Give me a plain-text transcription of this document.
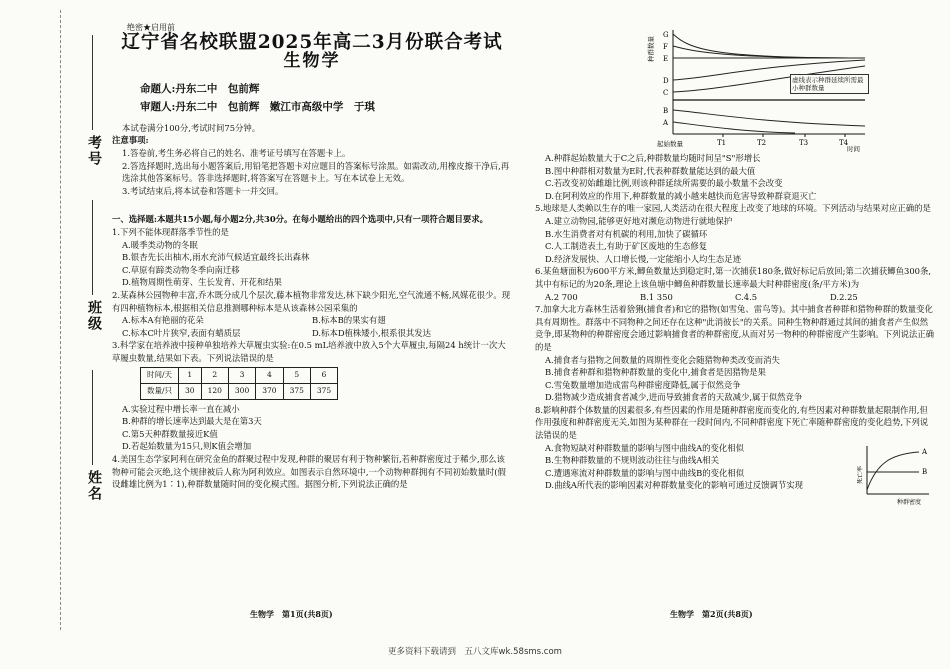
考号
班级
姓名
绝密★启用前
辽宁省名校联盟2025年高二3月份联合考试
生物学
命题人:丹东二中　包前辉
审题人:丹东二中　包前辉　嫩江市高级中学　于琪
本试卷满分100分,考试时间75分钟。
注意事项:
1.答卷前,考生务必将自己的姓名、准考证号填写在答题卡上。
2.答选择题时,选出每小题答案后,用铅笔把答题卡对应题目的答案标号涂黑。如需改动,用橡皮擦干净后,再选涂其他答案标号。答非选择题时,将答案写在答题卡上。写在本试卷上无效。
3.考试结束后,将本试卷和答题卡一并交回。
一、选择题:本题共15小题,每小题2分,共30分。在每小题给出的四个选项中,只有一项符合题目要求。
1.下列不能体现群落季节性的是
A.暖季类动物的冬眠
B.银杏先长出柚木,雨水充沛气候适宜最终长出森林
C.草原有蹄类动物冬季向南迁移
D.植物周期性萌芽、生长发育、开花和结果
2.某森林公园物种丰富,乔木既分成几个层次,藤本植物非常发达,林下缺少阳光,空气流通不畅,风媒花很少。现有四种植物标本,根据相关信息推测哪种标本是从该森林公园采集的
A.标本A有艳丽的花朵	B.标本B的果实有翅
C.标本C叶片狭窄,表面有蜡质层	D.标本D植株矮小,根系很其发达
3.科学家在培养液中接种单独培养大草履虫实验:在0.5 mL培养液中放入5个大草履虫,每隔24 h统计一次大草履虫数量,结果如下表。下列说法错误的是
时间/天	1	2	3	4	5	6
数量/只	30	120	300	370	375	375
A.实验过程中增长率一直在减小
B.种群的增长速率达到最大是在第3天
C.第5天种群数量接近K值
D.若起始数量为15只,则K值会增加
4.美国生态学家阿利在研究金鱼的群聚过程中发现,种群的聚居有利于物种繁衍,若种群密度过于稀少,那么该物种可能会灭绝,这个规律被后人称为阿利效应。如图表示自然环境中,一个动物种群拥有不同初始数量时(假设雌雄比例为1∶1),种群数量随时间的变化模式图。据图分析,下列说法正确的是
生物学　第1页(共8页)
G
F
E
D
C
B
A
T1	T2	T3	T4
起始数量
时间
种群数量
虚线表示种群延续所需最小种群数量
A.种群起始数量大于C之后,种群数量均随时间呈"S"形增长
B.图中种群相对数量为E时,代表种群数量能达到的最大值
C.若改变初始雌雄比例,则该种群延续所需要的最小数量不会改变
D.在阿利效应的作用下,种群数量的减小越来越快而危害导致种群衰退灭亡
5.地球是人类赖以生存的唯一家园,人类活动在很大程度上改变了地球的环境。下列活动与结果对应正确的是
A.建立动物园,能够更好地对濒危动物进行就地保护
B.水生消费者对有机碳的利用,加快了碳循环
C.人工制造表土,有助于矿区废地的生态修复
D.经济发展快、人口增长慢,一定能缩小人均生态足迹
6.某鱼塘面积为600平方米,鲫鱼数量达到稳定时,第一次捕获180条,做好标记后放回;第二次捕获鲫鱼300条,其中有标记的为20条,理论上该鱼塘中鲫鱼种群数量长速率最大时种群密度(条/平方米)为
A.2 700	B.1 350	C.4.5	D.2.25
7.加拿大北方森林生活着猞猁(捕食者)和它的猎物(如雪兔、雷鸟等)。其中捕食者种群和猎物种群的数量变化具有周期性。群落中不同物种之间还存在这种"此消彼长"的关系。同种生物种群通过其间的捕食者产生似然竞争,即某物种的种群密度会通过影响捕食者的种群密度,从而对另一物种的种群密度产生影响。下列说法正确的是
A.捕食者与猎物之间数量的周期性变化会随猎物种类改变而消失
B.捕食者种群和猎物种群数量的变化中,捕食者是因猎物是果
C.雪兔数量增加造成雷鸟种群密度降低,属于似然竞争
D.猎物减少造成捕食者减少,进而导致捕食者的天敌减少,属于似然竞争
8.影响种群个体数量的因素很多,有些因素的作用是随种群密度而变化的,有些因素对种群数量起限制作用,但作用强度和种群密度无关,如图为某种群在一段时间内,不同种群密度下死亡率随种群密度的变化趋势,下列说法错误的是
A
B
死亡率
种群密度
A.食物短缺对种群数量的影响与图中曲线A的变化相似
B.生物种群数量的不规则波动往往与曲线A相关
C.遭遇寒流对种群数量的影响与图中曲线B的变化相似
D.曲线A所代表的影响因素对种群数量变化的影响可通过反馈调节实现
生物学　第2页(共8页)
更多资料下载请到　五八文库wk.58sms.com
